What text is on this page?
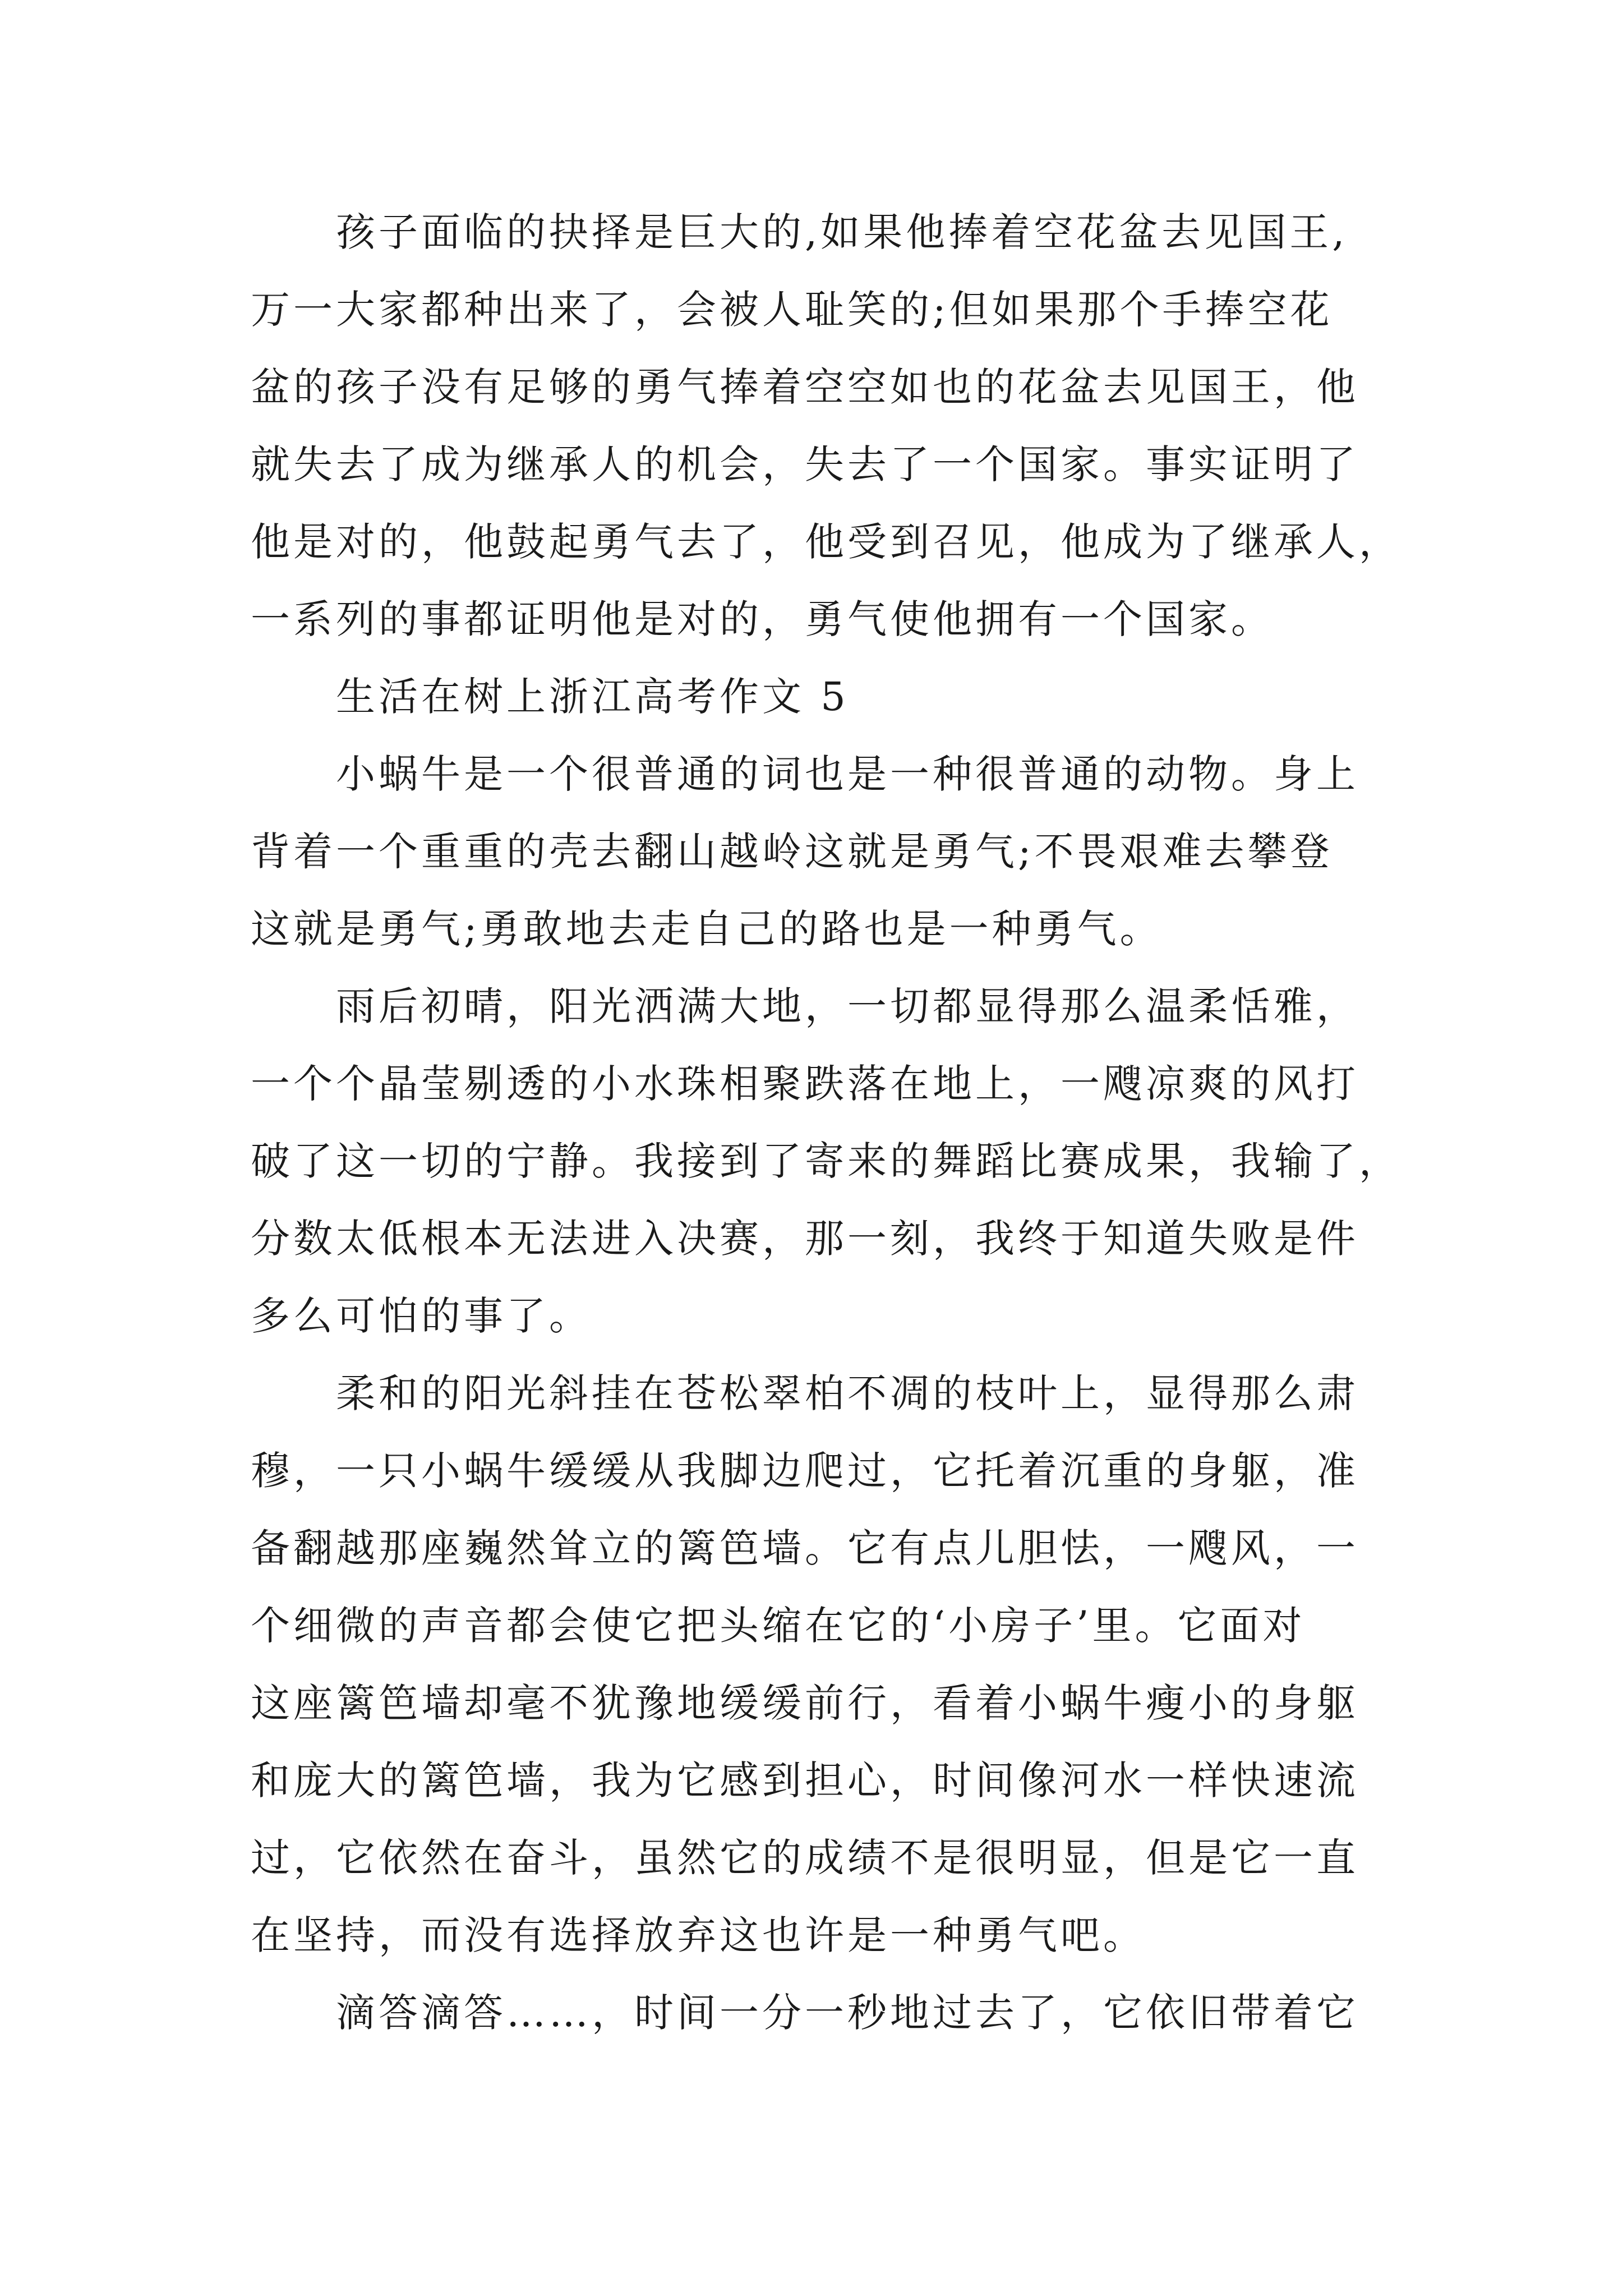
孩子面临的抉择是巨大的,如果他捧着空花盆去见国王,
万一大家都种出来了，会被人耻笑的;但如果那个手捧空花
盆的孩子没有足够的勇气捧着空空如也的花盆去见国王，他
就失去了成为继承人的机会，失去了一个国家。事实证明了
他是对的，他鼓起勇气去了，他受到召见，他成为了继承人，
一系列的事都证明他是对的，勇气使他拥有一个国家。
生活在树上浙江高考作文 5
小蜗牛是一个很普通的词也是一种很普通的动物。身上
背着一个重重的壳去翻山越岭这就是勇气;不畏艰难去攀登
这就是勇气;勇敢地去走自己的路也是一种勇气。
雨后初晴，阳光洒满大地，一切都显得那么温柔恬雅，
一个个晶莹剔透的小水珠相聚跌落在地上，一飕凉爽的风打
破了这一切的宁静。我接到了寄来的舞蹈比赛成果，我输了，
分数太低根本无法进入决赛，那一刻，我终于知道失败是件
多么可怕的事了。
柔和的阳光斜挂在苍松翠柏不凋的枝叶上，显得那么肃
穆，一只小蜗牛缓缓从我脚边爬过，它托着沉重的身躯，准
备翻越那座巍然耸立的篱笆墙。它有点儿胆怯，一飕风，一
个细微的声音都会使它把头缩在它的‘小房子’里。它面对
这座篱笆墙却毫不犹豫地缓缓前行，看着小蜗牛瘦小的身躯
和庞大的篱笆墙，我为它感到担心，时间像河水一样快速流
过，它依然在奋斗，虽然它的成绩不是很明显，但是它一直
在坚持，而没有选择放弃这也许是一种勇气吧。
滴答滴答……，时间一分一秒地过去了，它依旧带着它
